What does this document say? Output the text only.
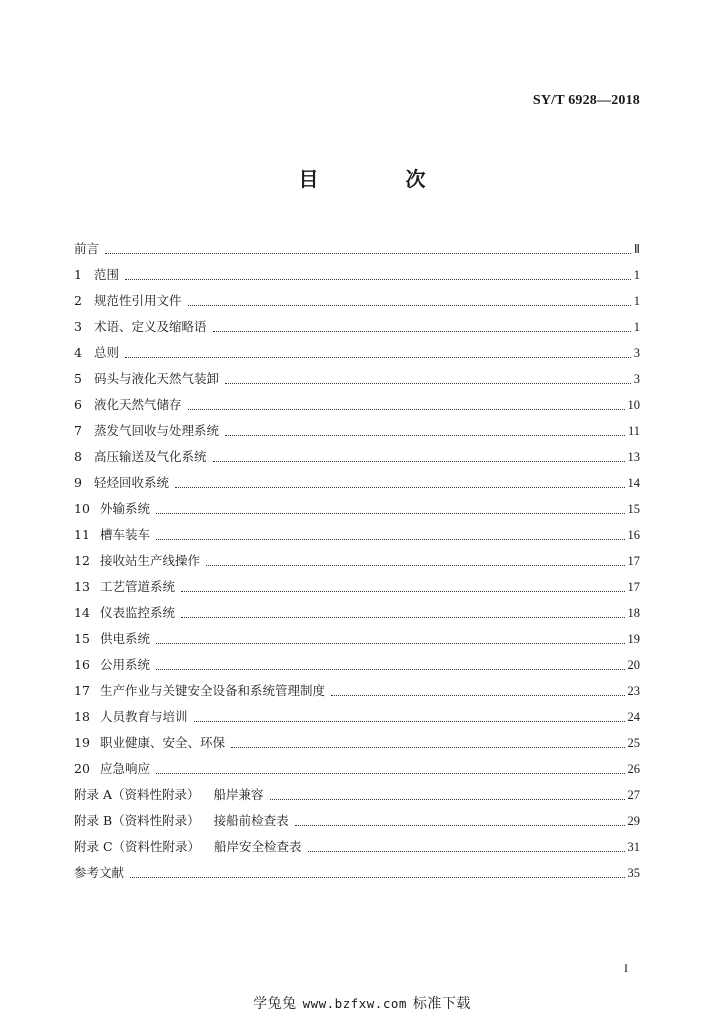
SY/T 6928—2018
目 次
前言	Ⅱ
1 范围	1
2 规范性引用文件	1
3 术语、定义及缩略语	1
4 总则	3
5 码头与液化天然气装卸	3
6 液化天然气储存	10
7 蒸发气回收与处理系统	11
8 高压输送及气化系统	13
9 轻烃回收系统	14
10 外输系统	15
11 槽车装车	16
12 接收站生产线操作	17
13 工艺管道系统	17
14 仪表监控系统	18
15 供电系统	19
16 公用系统	20
17 生产作业与关键安全设备和系统管理制度	23
18 人员教育与培训	24
19 职业健康、安全、环保	25
20 应急响应	26
附录 A（资料性附录） 船岸兼容	27
附录 B（资料性附录） 接船前检查表	29
附录 C（资料性附录） 船岸安全检查表	31
参考文献	35
I
学兔兔 www.bzfxw.com 标准下载
